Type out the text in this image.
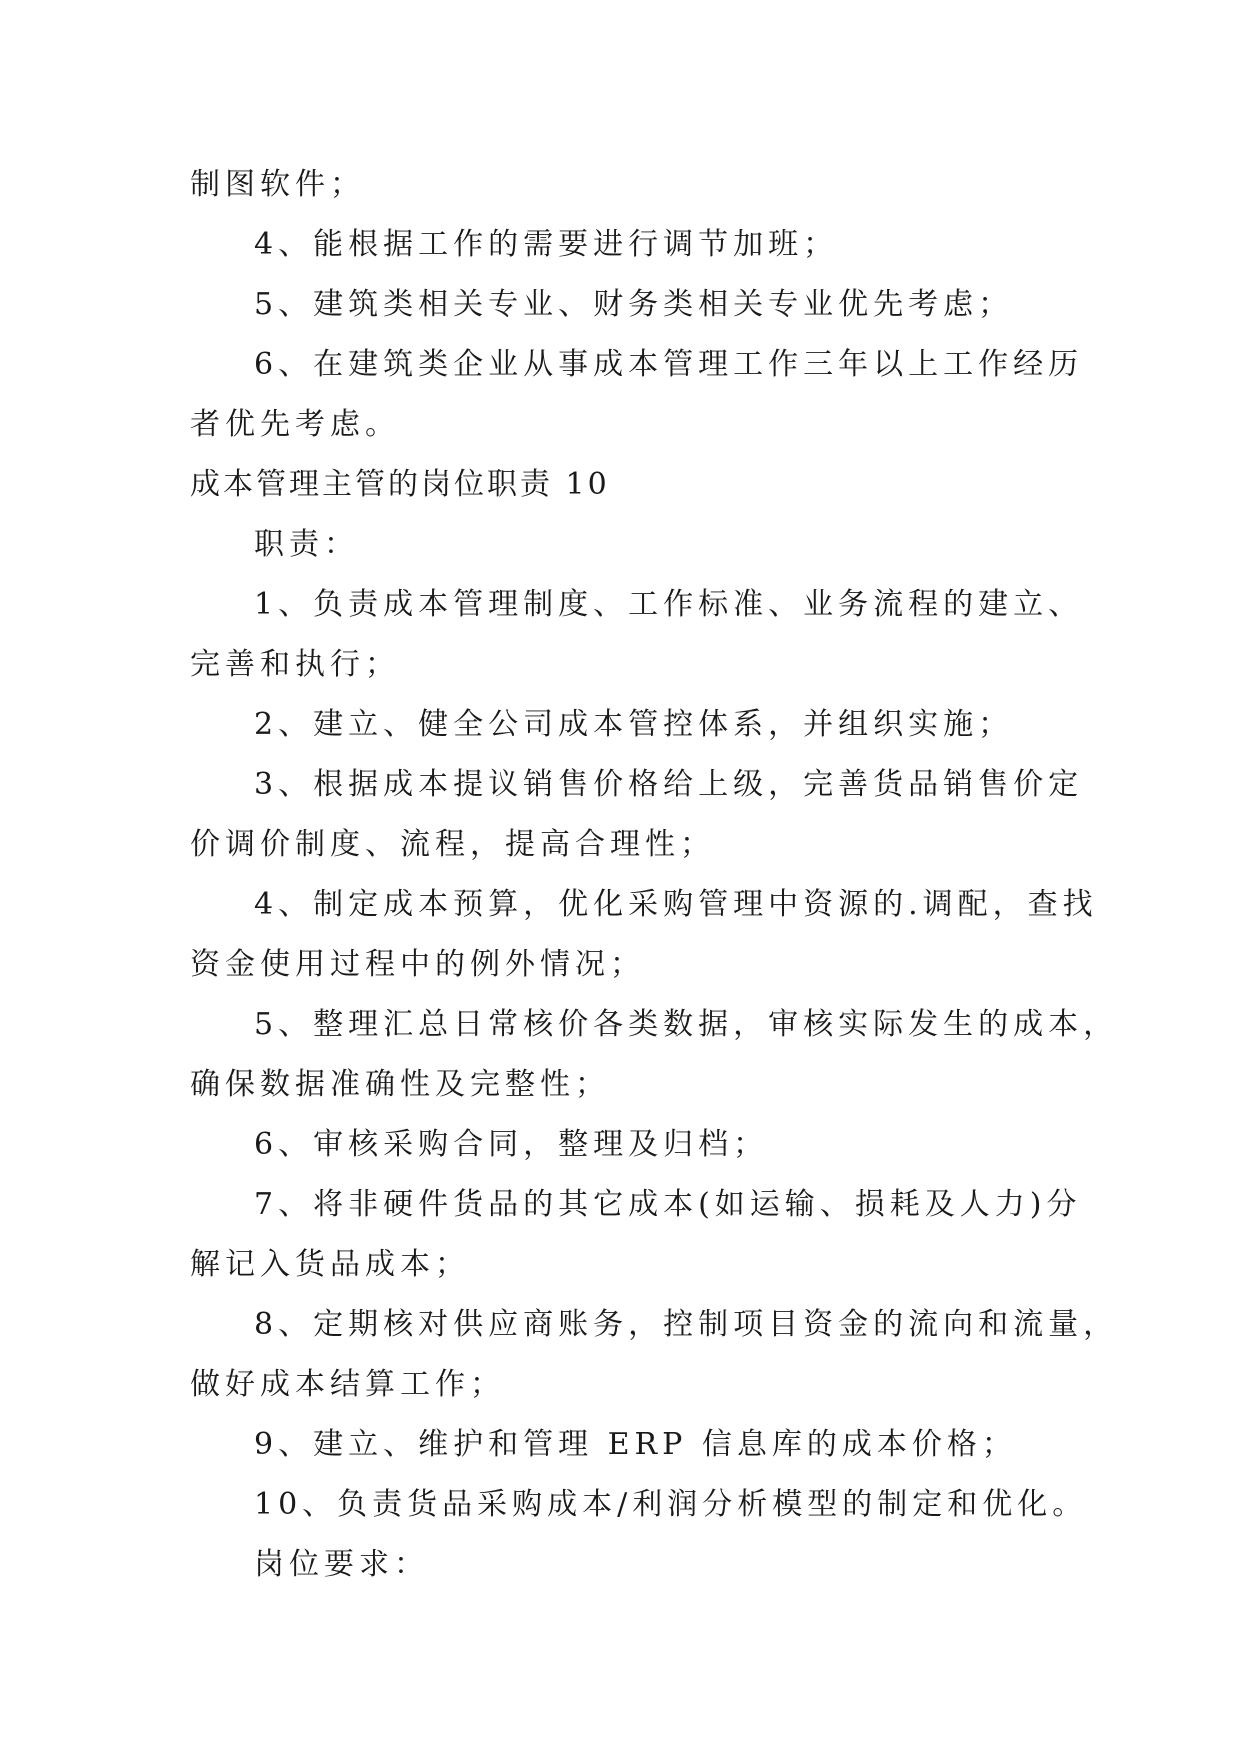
制图软件；
4、能根据工作的需要进行调节加班；
5、建筑类相关专业、财务类相关专业优先考虑；
6、在建筑类企业从事成本管理工作三年以上工作经历
者优先考虑。
成本管理主管的岗位职责 10
职责：
1、负责成本管理制度、工作标准、业务流程的建立、
完善和执行；
2、建立、健全公司成本管控体系，并组织实施；
3、根据成本提议销售价格给上级，完善货品销售价定
价调价制度、流程，提高合理性；
4、制定成本预算，优化采购管理中资源的.调配，查找
资金使用过程中的例外情况；
5、整理汇总日常核价各类数据，审核实际发生的成本，
确保数据准确性及完整性；
6、审核采购合同，整理及归档；
7、将非硬件货品的其它成本(如运输、损耗及人力)分
解记入货品成本；
8、定期核对供应商账务，控制项目资金的流向和流量，
做好成本结算工作；
9、建立、维护和管理 ERP 信息库的成本价格；
10、负责货品采购成本/利润分析模型的制定和优化。
岗位要求：
